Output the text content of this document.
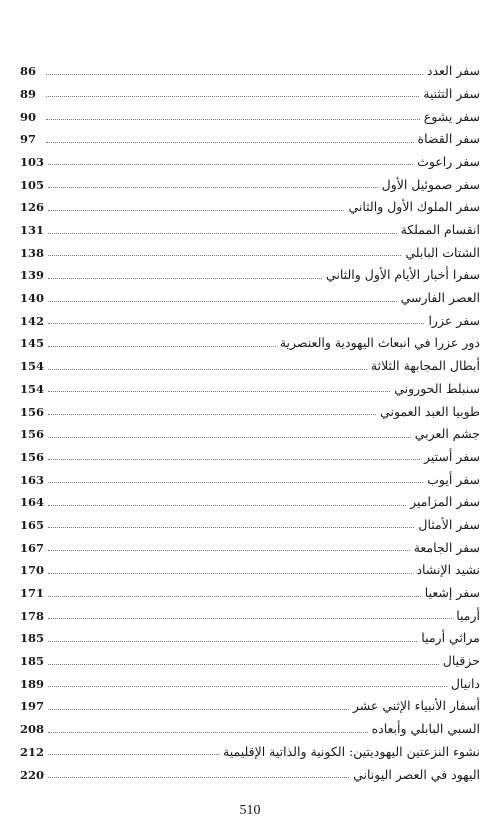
سفر العدد
86
سفر التثنية
89
سفر يشوع
90
سفر القضاة
97
سفر راعوث
103
سفر صموئيل الأول
105
سفر الملوك الأول والثاني
126
انقسام المملكة
131
الشتات البابلي
138
سفرا أخبار الأيام الأول والثاني
139
العصر الفارسي
140
سفر عزرا
142
دور عزرا في انبعاث اليهودية والعنصرية
145
أبطال المجابهة الثلاثة
154
سنبلط الحوروني
154
طوبيا العبد العموني
156
جشم العربي
156
سفر أستير
156
سفر أيوب
163
سفر المزامير
164
سفر الأمثال
165
سفر الجامعة
167
نشيد الإنشاد
170
سفر إشعيا
171
أرميا
178
مراثي أرميا
185
حزقيال
185
دانيال
189
أسفار الأنبياء الإثني عشر
197
السبي البابلي وأبعاده
208
نشوء النزعتين اليهوديتين: الكونية والذاتية الإقليمية
212
اليهود في العصر اليوناني
220
510
